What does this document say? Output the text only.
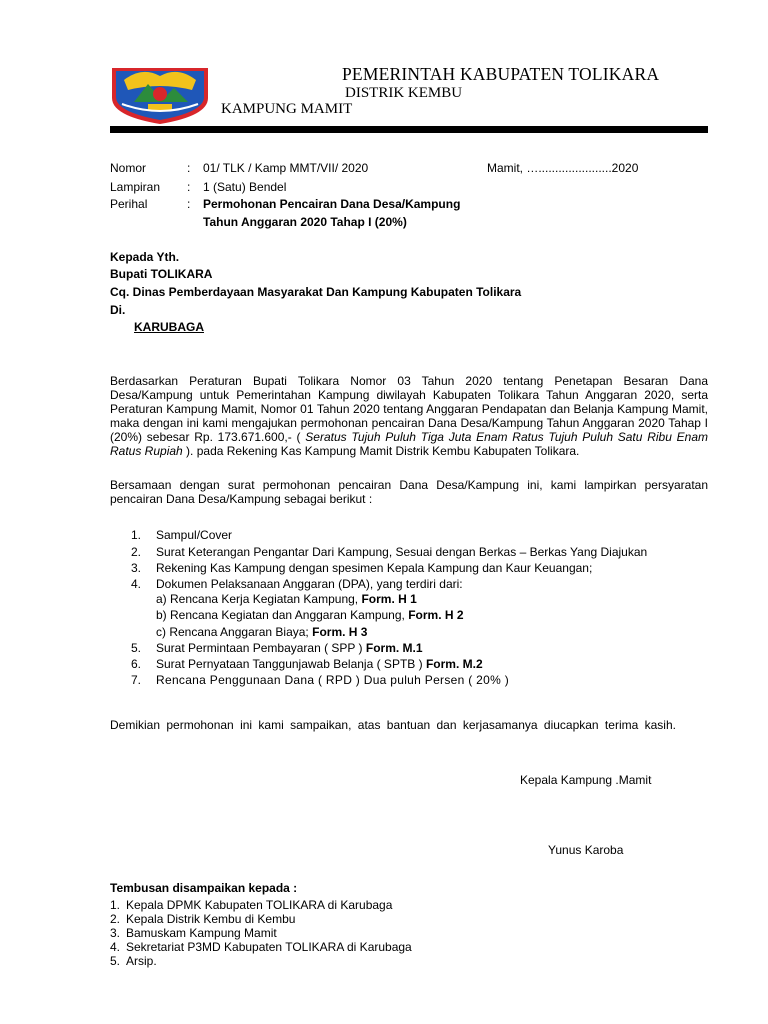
PEMERINTAH KABUPATEN TOLIKARA
DISTRIK KEMBU
KAMPUNG MAMIT
Nomor	: 01/ TLK / Kamp MMT/VII/ 2020	Mamit, …......................2020
Lampiran : 1 (Satu) Bendel
Perihal	: Permohonan Pencairan Dana Desa/Kampung
Tahun Anggaran 2020 Tahap I (20%)
Kepada Yth.
Bupati TOLIKARA
Cq. Dinas Pemberdayaan Masyarakat Dan Kampung Kabupaten Tolikara
Di.
KARUBAGA
Berdasarkan Peraturan Bupati Tolikara Nomor 03 Tahun 2020 tentang Penetapan Besaran Dana Desa/Kampung untuk Pemerintahan Kampung diwilayah Kabupaten Tolikara Tahun Anggaran 2020, serta Peraturan Kampung Mamit, Nomor 01 Tahun 2020 tentang Anggaran Pendapatan dan Belanja Kampung Mamit, maka dengan ini kami mengajukan permohonan pencairan Dana Desa/Kampung Tahun Anggaran 2020 Tahap I (20%) sebesar Rp. 173.671.600,- ( Seratus Tujuh Puluh Tiga Juta Enam Ratus Tujuh Puluh Satu Ribu Enam Ratus Rupiah ). pada Rekening Kas Kampung Mamit Distrik Kembu Kabupaten Tolikara.
Bersamaan dengan surat permohonan pencairan Dana Desa/Kampung ini, kami lampirkan persyaratan pencairan Dana Desa/Kampung sebagai berikut :
1. Sampul/Cover
2. Surat Keterangan Pengantar Dari Kampung, Sesuai dengan Berkas – Berkas Yang Diajukan
3. Rekening Kas Kampung dengan spesimen Kepala Kampung dan Kaur Keuangan;
4. Dokumen Pelaksanaan Anggaran (DPA), yang terdiri dari:
a) Rencana Kerja Kegiatan Kampung, Form. H 1
b) Rencana Kegiatan dan Anggaran Kampung, Form. H 2
c) Rencana Anggaran Biaya; Form. H 3
5. Surat Permintaan Pembayaran ( SPP ) Form. M.1
6. Surat Pernyataan Tanggunjawab Belanja ( SPTB ) Form. M.2
7. Rencana Penggunaan Dana ( RPD ) Dua puluh Persen ( 20% )
Demikian permohonan ini kami sampaikan, atas bantuan dan kerjasamanya diucapkan terima kasih.
Kepala Kampung .Mamit
Yunus Karoba
Tembusan disampaikan kepada :
1. Kepala DPMK Kabupaten TOLIKARA di Karubaga
2. Kepala Distrik Kembu di Kembu
3. Bamuskam Kampung Mamit
4. Sekretariat P3MD Kabupaten TOLIKARA di Karubaga
5. Arsip.
